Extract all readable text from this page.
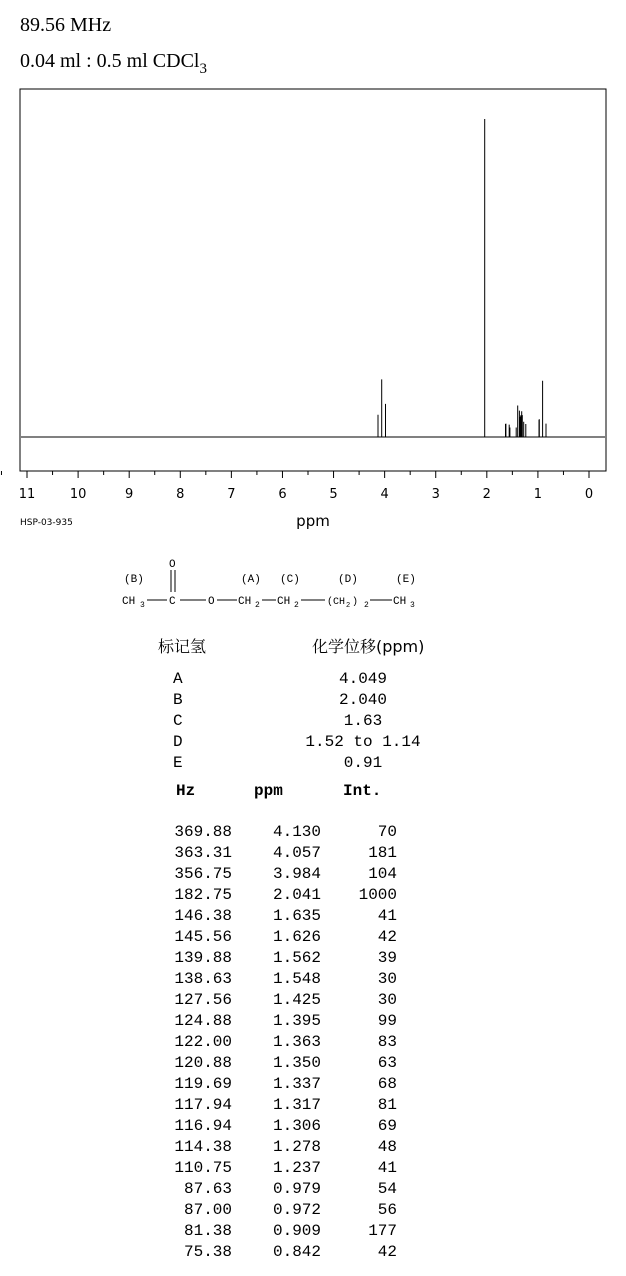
89.56 MHz
0.04 ml : 0.5 ml CDCl$_3$
11	10	9	8	7	6	5	4	3	2	1	0
ppm
HSP-03-935
(B)	(A) (C)	(D)	(E)
CH 3 C
O
O CH 2 CH 2	(CH 2 ) 2 CH 3
标记氢	化学位移(ppm)
A	4.049
B	2.040
C	1.63
D	1.52 to 1.14
E	0.91
Hz	ppm	Int.
369.88	4.130	70
363.31	4.057	181
356.75	3.984	104
182.75	2.041	1000
146.38	1.635	41
145.56	1.626	42
139.88	1.562	39
138.63	1.548	30
127.56	1.425	30
124.88	1.395	99
122.00	1.363	83
120.88	1.350	63
119.69	1.337	68
117.94	1.317	81
116.94	1.306	69
114.38	1.278	48
110.75	1.237	41
87.63	0.979	54
87.00	0.972	56
81.38	0.909	177
75.38	0.842	42
